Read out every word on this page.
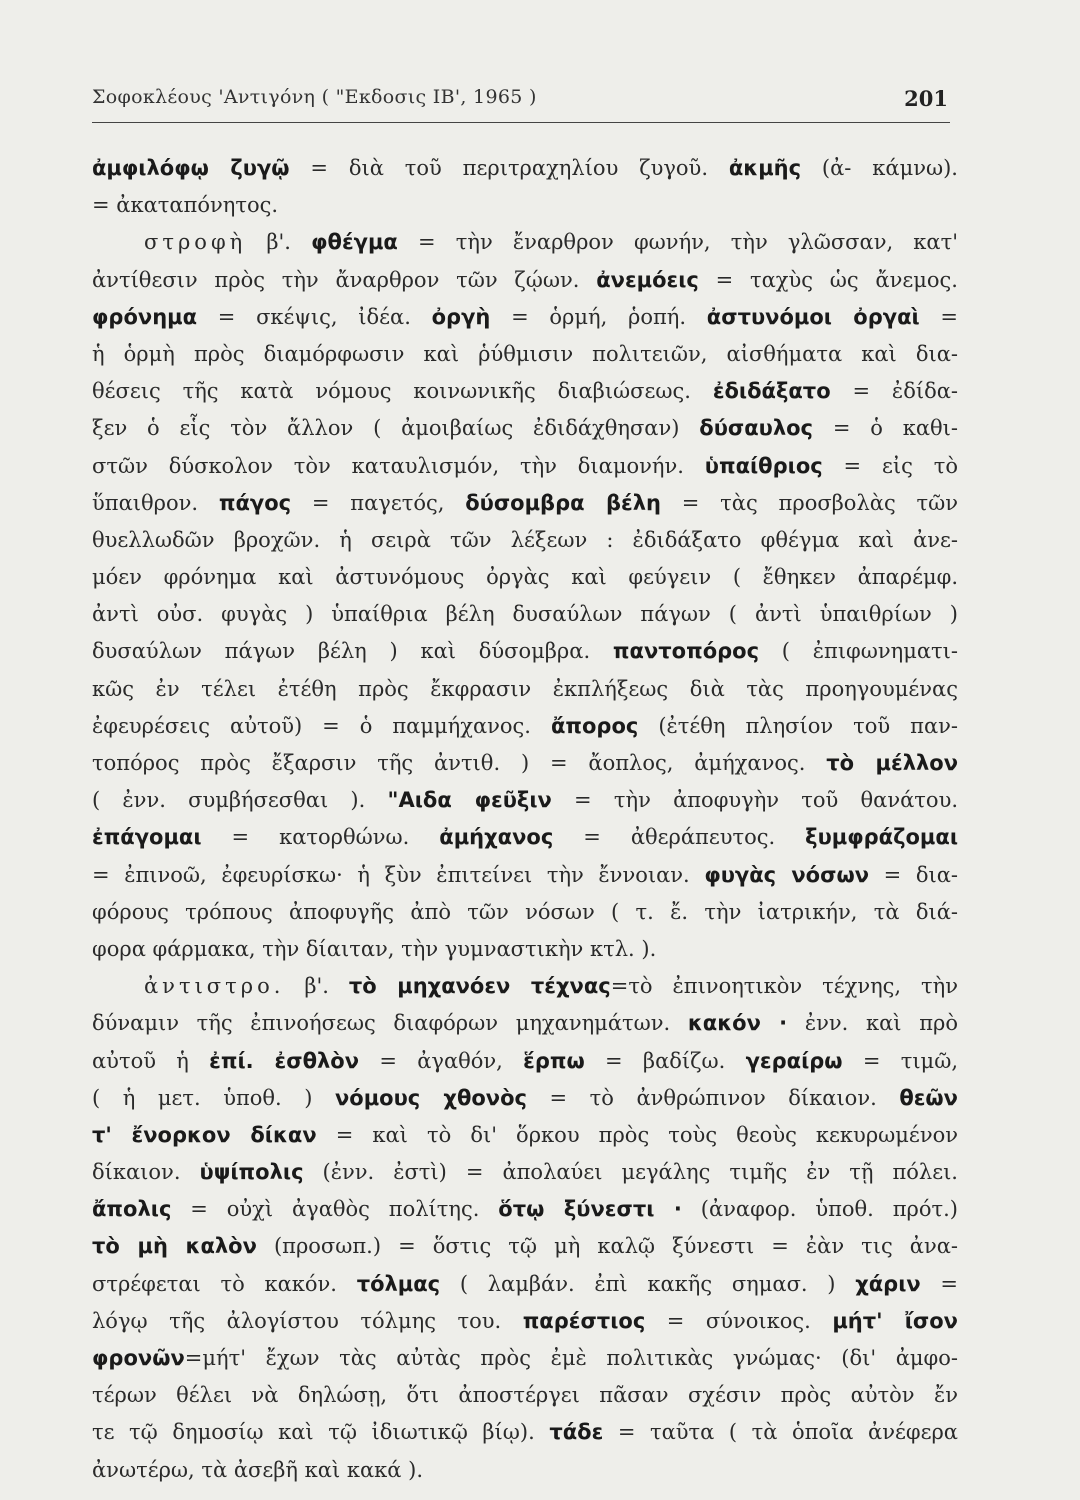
Σοφοκλέους 'Αντιγόνη ( "Εκδοσις ΙΒ', 1965 )	201
ἀμφιλόφῳ ζυγῷ = διὰ τοῦ περιτραχηλίου ζυγοῦ. ἀκμῆς (ἀ- κάμνω).
= ἀκαταπόνητος.
στροφὴ β'. φθέγμα = τὴν ἔναρθρον φωνήν, τὴν γλῶσσαν, κατ'
ἀντίθεσιν πρὸς τὴν ἄναρθρον τῶν ζῴων. ἀνεμόεις = ταχὺς ὡς ἄνεμος.
φρόνημα = σκέψις, ἰδέα. ὀργὴ = ὁρμή, ῥοπή. ἀστυνόμοι ὀργαὶ =
ἡ ὁρμὴ πρὸς διαμόρφωσιν καὶ ῥύθμισιν πολιτειῶν, αἰσθήματα καὶ δια-
θέσεις τῆς κατὰ νόμους κοινωνικῆς διαβιώσεως. ἐδιδάξατο = ἐδίδα-
ξεν ὁ εἷς τὸν ἄλλον ( ἀμοιβαίως ἐδιδάχθησαν) δύσαυλος = ὁ καθι-
στῶν δύσκολον τὸν καταυλισμόν, τὴν διαμονήν. ὑπαίθριος = εἰς τὸ
ὕπαιθρον. πάγος = παγετός, δύσομβρα βέλη = τὰς προσβολὰς τῶν
θυελλωδῶν βροχῶν. ἡ σειρὰ τῶν λέξεων : ἐδιδάξατο φθέγμα καὶ ἀνε-
μόεν φρόνημα καὶ ἀστυνόμους ὀργὰς καὶ φεύγειν ( ἔθηκεν ἀπαρέμφ.
ἀντὶ οὐσ. φυγὰς ) ὑπαίθρια βέλη δυσαύλων πάγων ( ἀντὶ ὑπαιθρίων )
δυσαύλων πάγων βέλη ) καὶ δύσομβρα. παντοπόρος ( ἐπιφωνηματι-
κῶς ἐν τέλει ἐτέθη πρὸς ἔκφρασιν ἐκπλήξεως διὰ τὰς προηγουμένας
ἐφευρέσεις αὐτοῦ) = ὁ παμμήχανος. ἄπορος (ἐτέθη πλησίον τοῦ παν-
τοπόρος πρὸς ἔξαρσιν τῆς ἀντιθ. ) = ἄοπλος, ἀμήχανος. τὸ μέλλον
( ἐνν. συμβήσεσθαι ). "Αιδα φεῦξιν = τὴν ἀποφυγὴν τοῦ θανάτου.
ἐπάγομαι = κατορθώνω. ἀμήχανος = ἀθεράπευτος. ξυμφράζομαι
= ἐπινοῶ, ἐφευρίσκω· ἡ ξὺν ἐπιτείνει τὴν ἔννοιαν. φυγὰς νόσων = δια-
φόρους τρόπους ἀποφυγῆς ἀπὸ τῶν νόσων ( τ. ἔ. τὴν ἰατρικήν, τὰ διά-
φορα φάρμακα, τὴν δίαιταν, τὴν γυμναστικὴν κτλ. ).
ἀντιστρο. β'. τὸ μηχανόεν τέχνας=τὸ ἐπινοητικὸν τέχνης, τὴν
δύναμιν τῆς ἐπινοήσεως διαφόρων μηχανημάτων. κακόν · ἐνν. καὶ πρὸ
αὐτοῦ ἡ ἐπί. ἐσθλὸν = ἀγαθόν, ἕρπω = βαδίζω. γεραίρω = τιμῶ,
( ἡ μετ. ὑποθ. ) νόμους χθονὸς = τὸ ἀνθρώπινον δίκαιον. θεῶν
τ' ἔνορκον δίκαν = καὶ τὸ δι' ὅρκου πρὸς τοὺς θεοὺς κεκυρωμένον
δίκαιον. ὑψίπολις (ἐνν. ἐστὶ) = ἀπολαύει μεγάλης τιμῆς ἐν τῇ πόλει.
ἄπολις = οὐχὶ ἀγαθὸς πολίτης. ὅτῳ ξύνεστι · (ἀναφορ. ὑποθ. πρότ.)
τὸ μὴ καλὸν (προσωπ.) = ὅστις τῷ μὴ καλῷ ξύνεστι = ἐὰν τις ἀνα-
στρέφεται τὸ κακόν. τόλμας ( λαμβάν. ἐπὶ κακῆς σημασ. ) χάριν =
λόγῳ τῆς ἀλογίστου τόλμης του. παρέστιος = σύνοικος. μήτ' ἴσον
φρονῶν=μήτ' ἔχων τὰς αὐτὰς πρὸς ἐμὲ πολιτικὰς γνώμας· (δι' ἀμφο-
τέρων θέλει νὰ δηλώσῃ, ὅτι ἀποστέργει πᾶσαν σχέσιν πρὸς αὐτὸν ἔν
τε τῷ δημοσίῳ καὶ τῷ ἰδιωτικῷ βίῳ). τάδε = ταῦτα ( τὰ ὁποῖα ἀνέφερα
ἀνωτέρω, τὰ ἀσεβῆ καὶ κακά ).
